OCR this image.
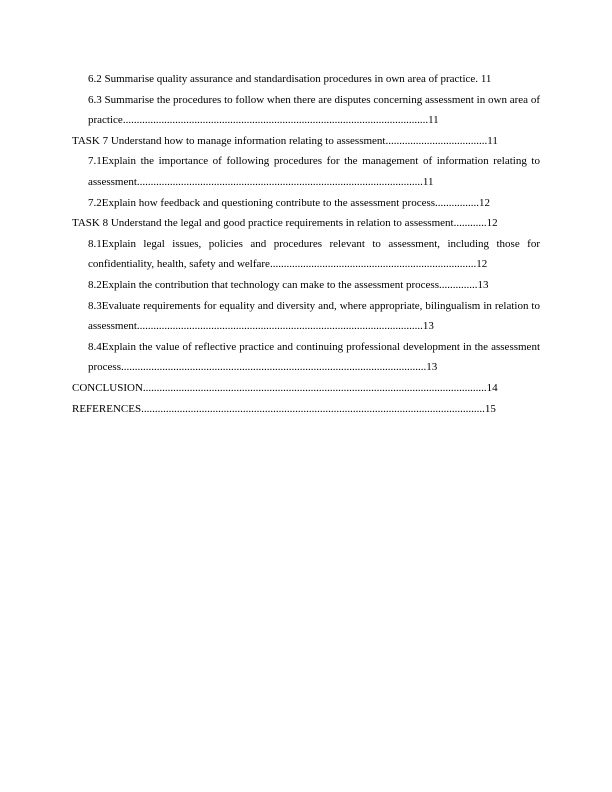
6.2 Summarise quality assurance and standardisation procedures in own area of practice. 11

6.3 Summarise the procedures to follow when there are disputes concerning assessment in own area of practice...............................................................................................................11

TASK 7 Understand how to manage information relating to assessment.....................................11

7.1Explain the importance of following procedures for the management of information relating to assessment........................................................................................................11

7.2Explain how feedback and questioning contribute to the assessment process................12

TASK 8 Understand the legal and good practice requirements in relation to assessment............12

8.1Explain legal issues, policies and procedures relevant to assessment, including those for confidentiality, health, safety and welfare...........................................................................12

8.2Explain the contribution that technology can make to the assessment process..............13

8.3Evaluate requirements for equality and diversity and, where appropriate, bilingualism in relation to assessment........................................................................................................13

8.4Explain the value of reflective practice and continuing professional development in the assessment process...............................................................................................................13

CONCLUSION.............................................................................................................................14

REFERENCES.............................................................................................................................15
